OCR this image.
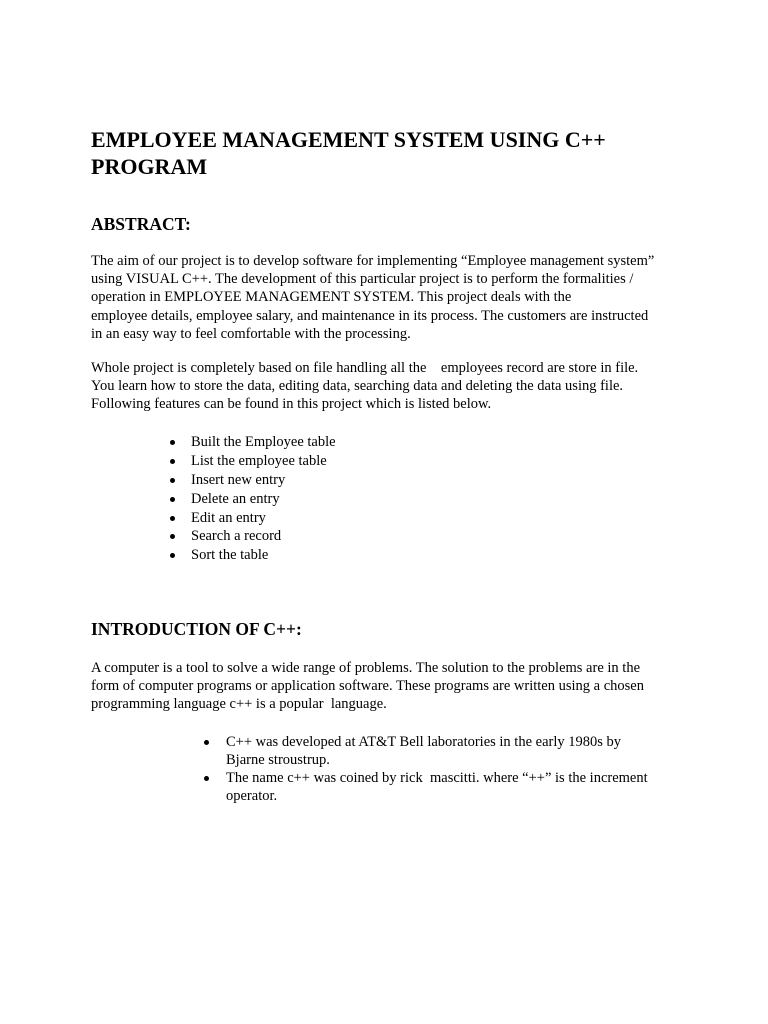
EMPLOYEE MANAGEMENT SYSTEM USING C++
PROGRAM
ABSTRACT:

The aim of our project is to develop software for implementing “Employee management system”
using VISUAL C++. The development of this particular project is to perform the formalities /
operation in EMPLOYEE MANAGEMENT SYSTEM. This project deals with the
employee details, employee salary, and maintenance in its process. The customers are instructed
in an easy way to feel comfortable with the processing.

Whole project is completely based on file handling all the    employees record are store in file.
You learn how to store the data, editing data, searching data and deleting the data using file.
Following features can be found in this project which is listed below.

Built the Employee table
List the employee table
Insert new entry
Delete an entry
Edit an entry
Search a record
Sort the table
INTRODUCTION OF C++:

A computer is a tool to solve a wide range of problems. The solution to the problems are in the
form of computer programs or application software. These programs are written using a chosen
programming language c++ is a popular  language.

C++ was developed at AT&T Bell laboratories in the early 1980s by
Bjarne stroustrup.
The name c++ was coined by rick  mascitti. where “++” is the increment
operator.
